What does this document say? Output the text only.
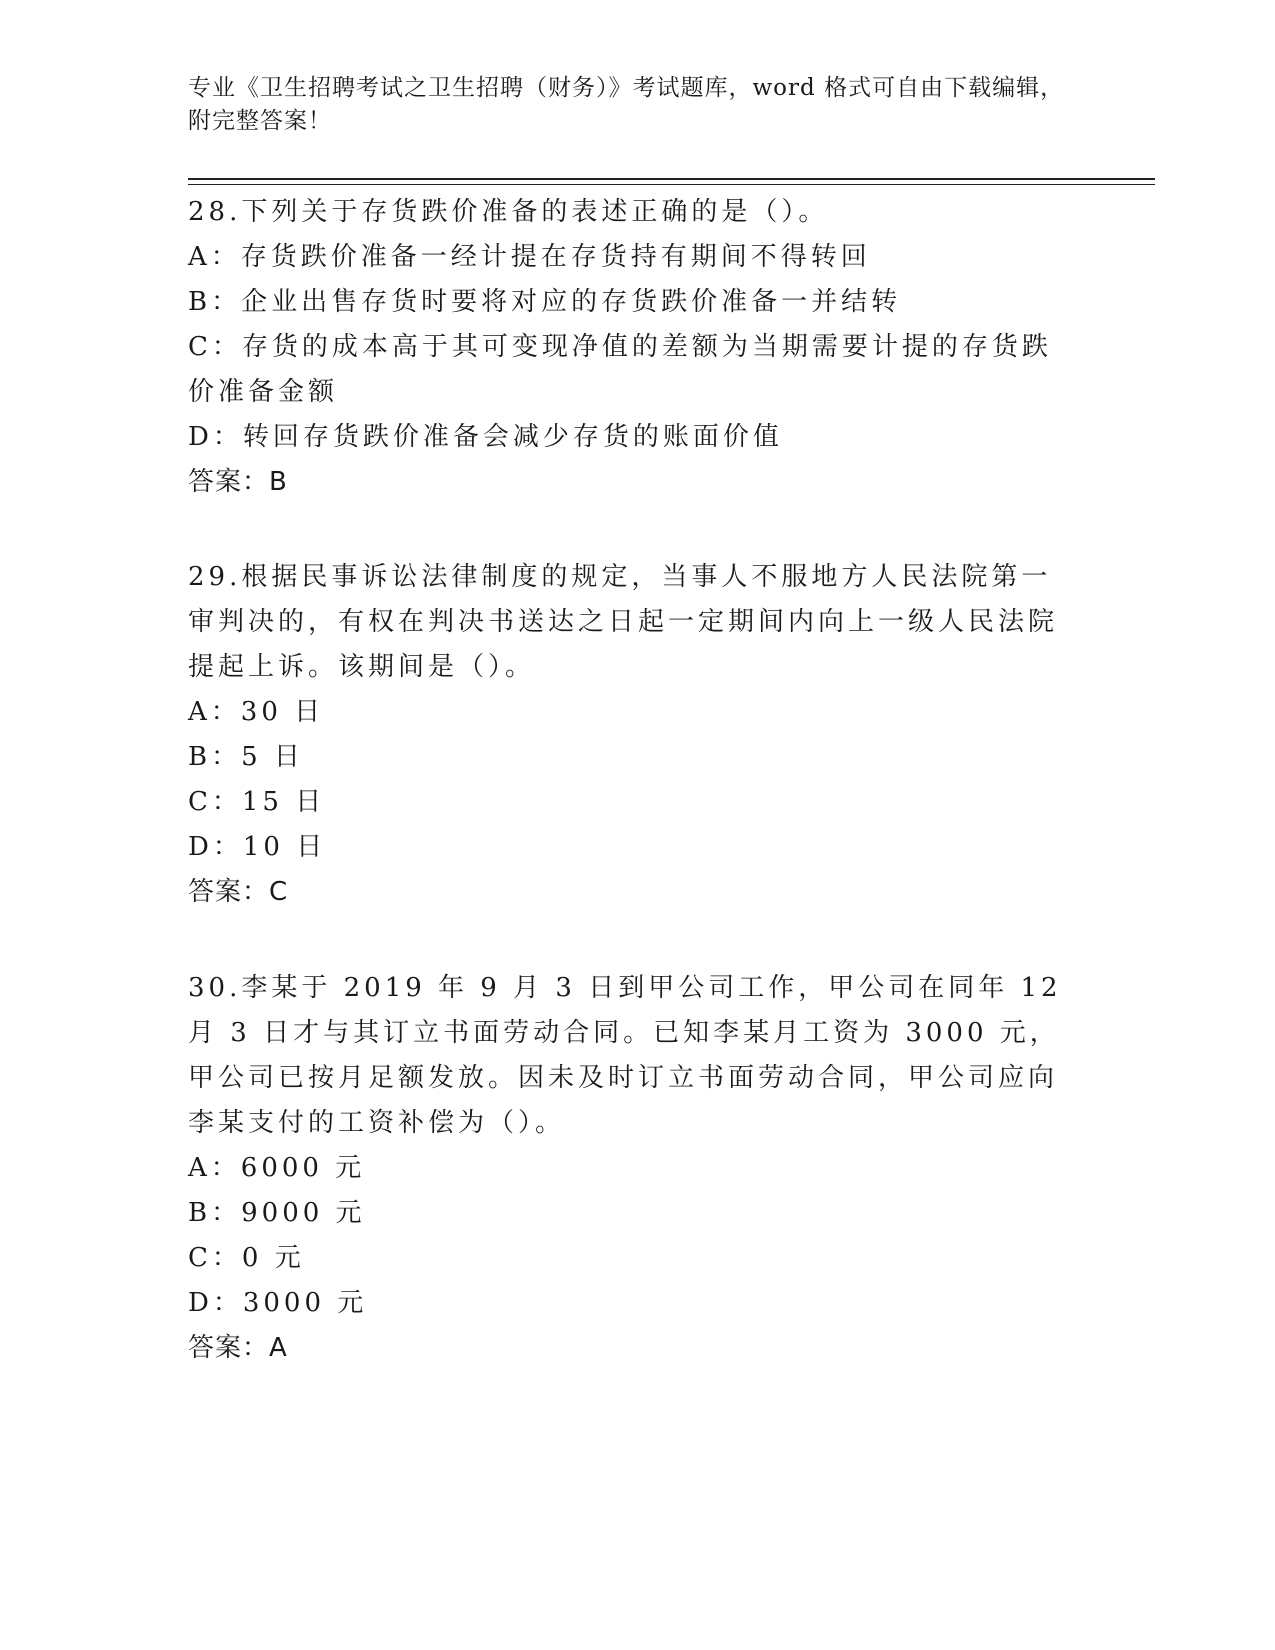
专业《卫生招聘考试之卫生招聘（财务）》考试题库，word 格式可自由下载编辑，附完整答案！

28.下列关于存货跌价准备的表述正确的是（）。

A：存货跌价准备一经计提在存货持有期间不得转回

B：企业出售存货时要将对应的存货跌价准备一并结转

C：存货的成本高于其可变现净值的差额为当期需要计提的存货跌价准备金额

D：转回存货跌价准备会减少存货的账面价值

答案：B

29.根据民事诉讼法律制度的规定，当事人不服地方人民法院第一审判决的，有权在判决书送达之日起一定期间内向上一级人民法院提起上诉。该期间是（）。

A：30 日

B：5 日

C：15 日

D：10 日

答案：C

30.李某于 2019 年 9 月 3 日到甲公司工作，甲公司在同年 12 月 3 日才与其订立书面劳动合同。已知李某月工资为 3000 元，甲公司已按月足额发放。因未及时订立书面劳动合同，甲公司应向李某支付的工资补偿为（）。

A：6000 元

B：9000 元

C：0 元

D：3000 元

答案：A
